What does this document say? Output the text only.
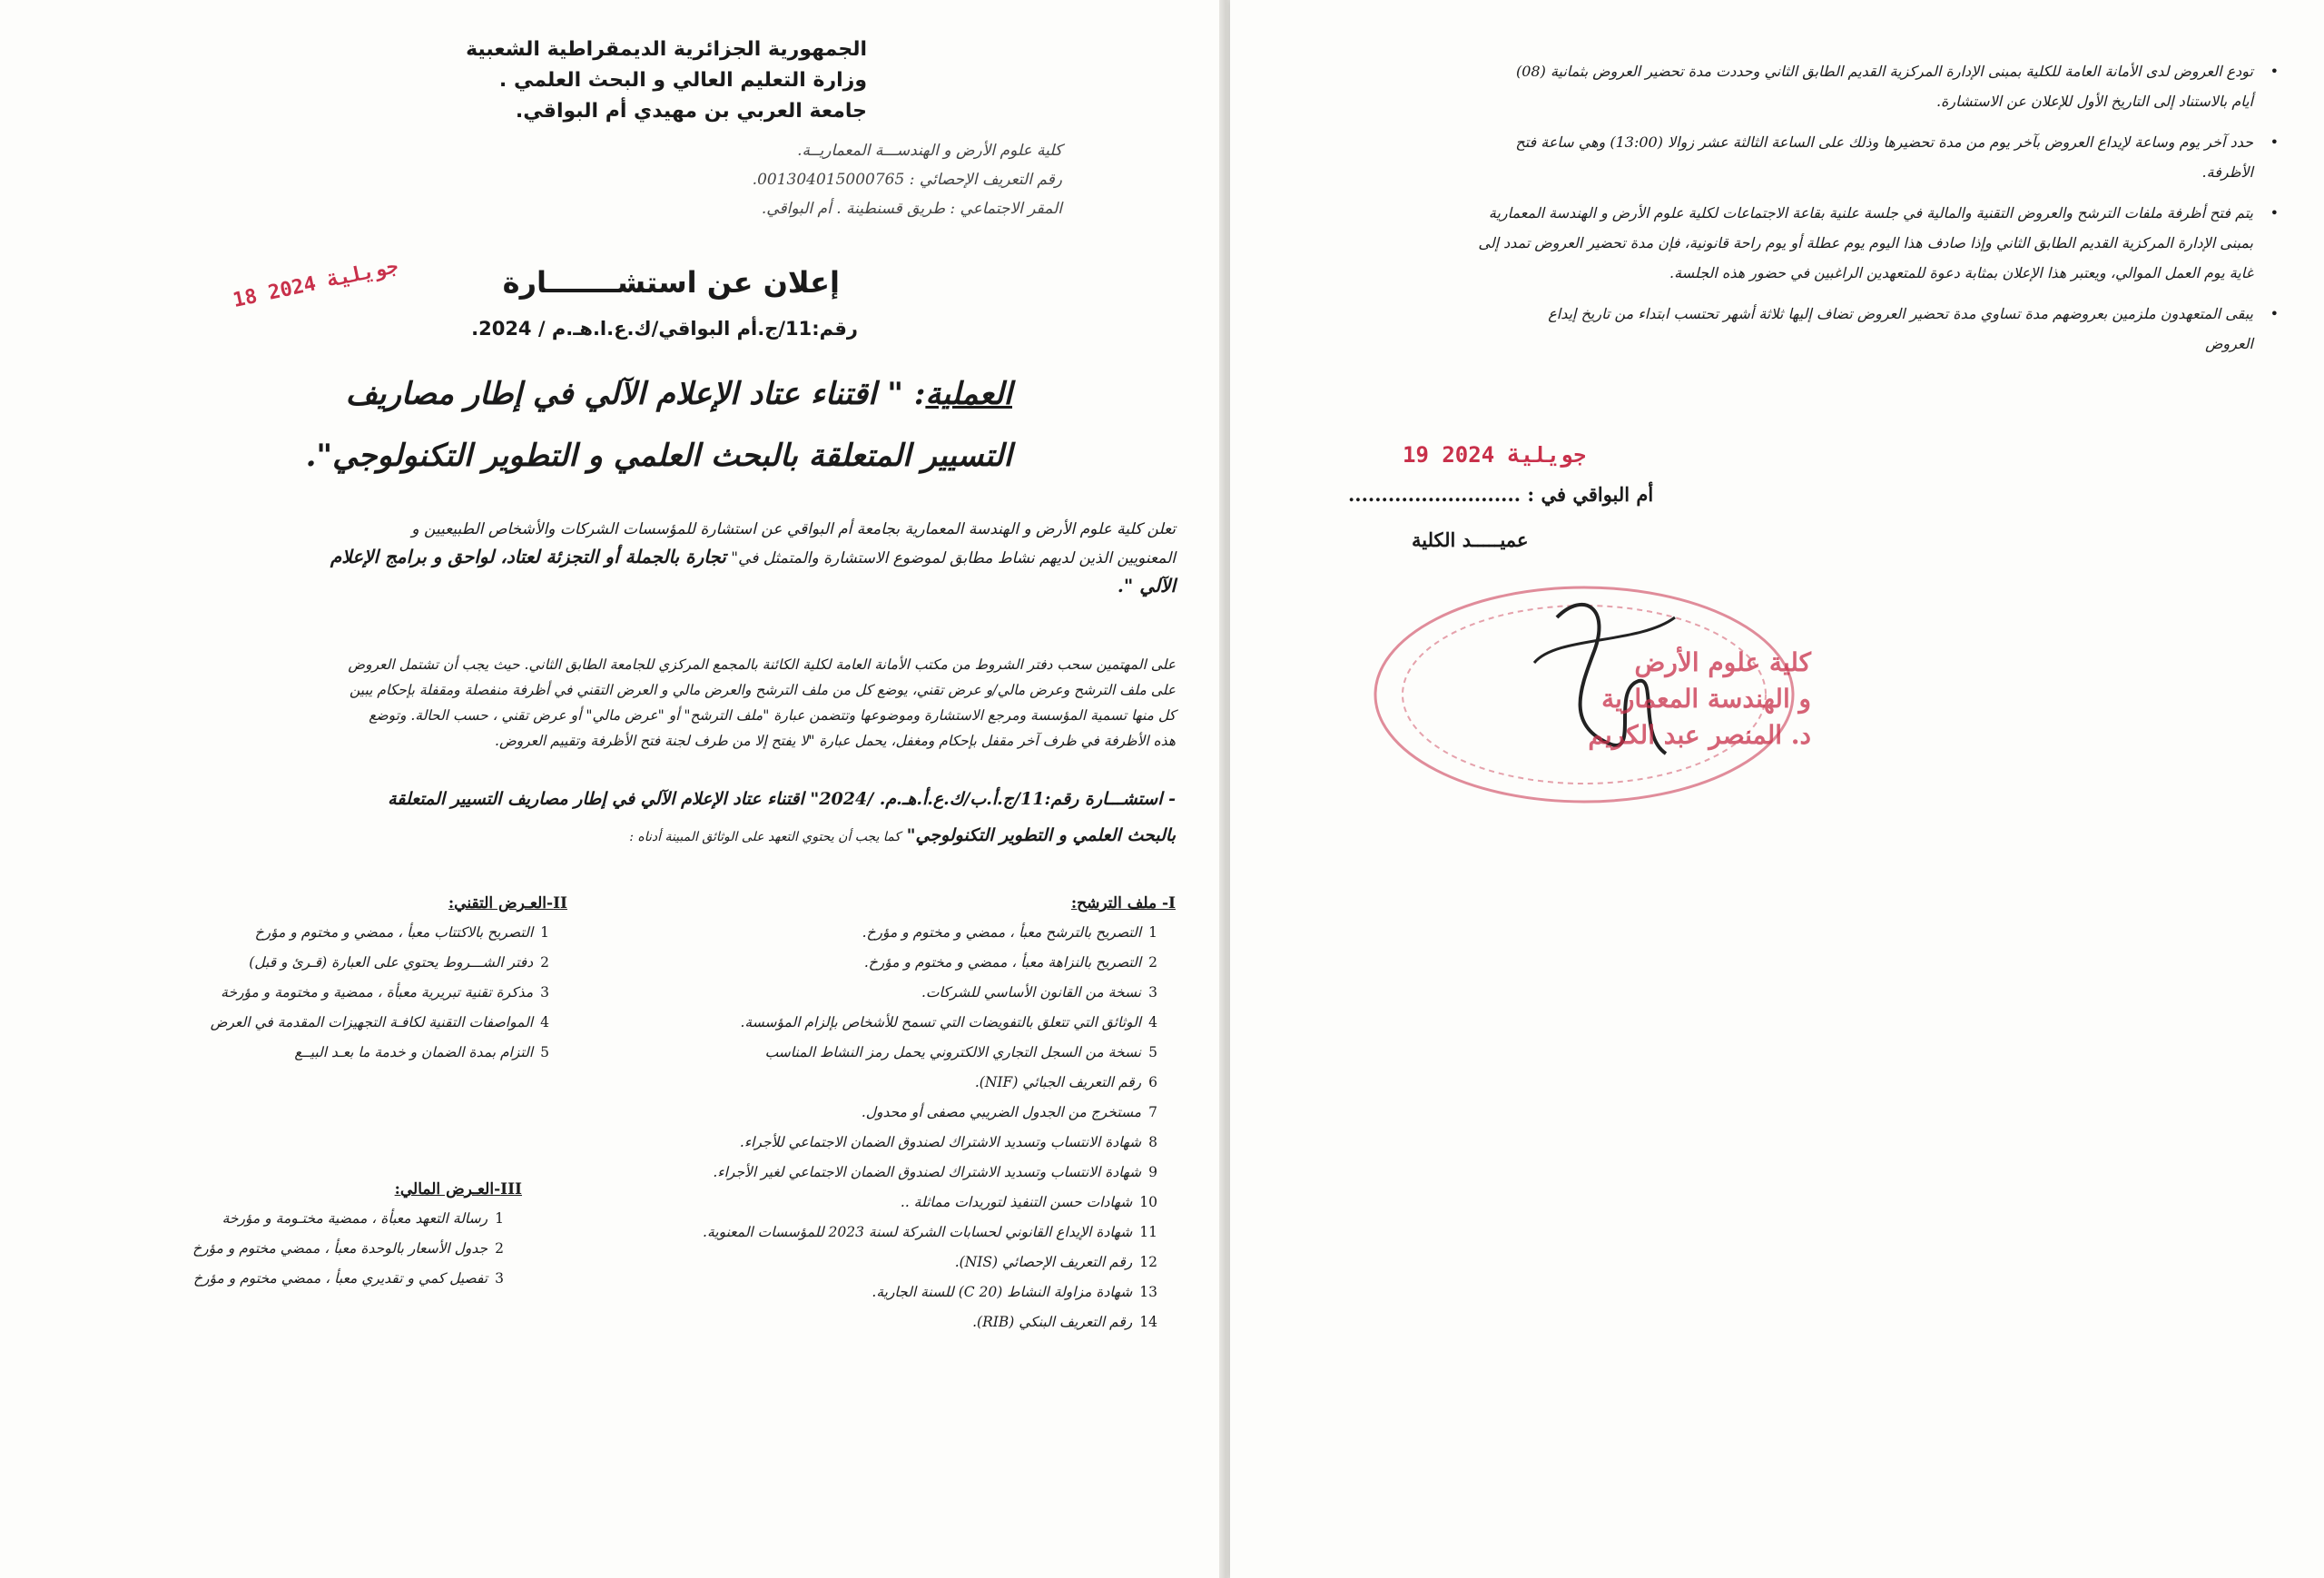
الجمهورية الجزائرية الديمقراطية الشعبية
وزارة التعليم العالي و البحث العلمي .
جامعة العربي بن مهيدي أم البواقي.
كلية علوم الأرض و الهندســـة المعماريــة.
رقم التعريف الإحصائي : 001304015000765.
المقر الاجتماعي : طريق قسنطينة . أم البواقي.
18 جويلية 2024	إعلان عن استشـــــــارة
رقم:11/ج.أم البواقي/ك.ع.ا.هـ.م / 2024.
العملية: " اقتناء عتاد الإعلام الآلي في إطار مصاريف
التسيير المتعلقة بالبحث العلمي و التطوير التكنولوجي".
تعلن كلية علوم الأرض و الهندسة المعمارية بجامعة أم البواقي عن استشارة للمؤسسات الشركات والأشخاص الطبيعيين و
المعنويين الذين لديهم نشاط مطابق لموضوع الاستشارة والمتمثل في" تجارة بالجملة أو التجزئة لعتاد، لواحق و برامج الإعلام
الآلي ".
على المهتمين سحب دفتر الشروط من مكتب الأمانة العامة لكلية الكائنة بالمجمع المركزي للجامعة الطابق الثاني. حيث يجب أن تشتمل العروض
على ملف الترشح وعرض مالي/و عرض تقني، يوضع كل من ملف الترشح والعرض مالي و العرض التقني في أظرفة منفصلة ومقفلة بإحكام يبين
كل منها تسمية المؤسسة ومرجع الاستشارة وموضوعها وتتضمن عبارة "ملف الترشح" أو "عرض مالي" أو عرض تقني ، حسب الحالة. وتوضع
هذه الأظرفة في ظرف آخر مقفل بإحكام ومغفل، يحمل عبارة "لا يفتح إلا من طرف لجنة فتح الأظرفة وتقييم العروض.
- استشـــارة رقم:11/ج.أ.ب/ك.ع.أ.هـ.م. /2024" اقتناء عتاد الإعلام الآلي في إطار مصاريف التسيير المتعلقة
بالبحث العلمي و التطوير التكنولوجي" كما يجب أن يحتوي التعهد على الوثائق المبينة أدناه :
I- ملف الترشح:
1التصريح بالترشح معبأ ، ممضي و مختوم و مؤرخ.
2التصريح بالنزاهة معبأ ، ممضي و مختوم و مؤرخ.
3نسخة من القانون الأساسي للشركات.
4الوثائق التي تتعلق بالتفويضات التي تسمح للأشخاص بإلزام المؤسسة.
5نسخة من السجل التجاري الالكتروني يحمل رمز النشاط المناسب
6رقم التعريف الجبائي (NIF).
7مستخرج من الجدول الضريبي مصفى أو محدول.
8شهادة الانتساب وتسديد الاشتراك لصندوق الضمان الاجتماعي للأجراء.
9شهادة الانتساب وتسديد الاشتراك لصندوق الضمان الاجتماعي لغير الأجراء.
10شهادات حسن التنفيذ لتوريدات مماثلة ..
11شهادة الإيداع القانوني لحسابات الشركة لسنة 2023 للمؤسسات المعنوية.
12رقم التعريف الإحصائي (NIS).
13شهادة مزاولة النشاط (C 20) للسنة الجارية.
14رقم التعريف البنكي (RIB).
II-العـرض التقني:
1التصريح بالاكتتاب معبأ ، ممضي و مختوم و مؤرخ
2دفتر الشـــروط يحتوي على العبارة (قـرئ و قبل)
3مذكرة تقنية تبريرية معبأة ، ممضية و مختومة و مؤرخة
4المواصفات التقنية لكافـة التجهيزات المقدمة في العرض
5التزام بمدة الضمان و خدمة ما بعـد البيــع
III-العـرض المالي:
1رسالة التعهد معبأة ، ممضية مختـومة و مؤرخة
2جدول الأسعار بالوحدة معبأ ، ممضي مختوم و مؤرخ
3تفصيل كمي و تقديري معبأ ، ممضي مختوم و مؤرخ
•
تودع العروض لدى الأمانة العامة للكلية بمبنى الإدارة المركزية القديم الطابق الثاني وحددت مدة تحضير العروض بثمانية (08)
أيام بالاستناد إلى التاريخ الأول للإعلان عن الاستشارة.
•
حدد آخر يوم وساعة لإيداع العروض بآخر يوم من مدة تحضيرها وذلك على الساعة الثالثة عشر زوالا (13:00) وهي ساعة فتح
الأظرفة.
•
يتم فتح أظرفة ملفات الترشح والعروض التقنية والمالية في جلسة علنية بقاعة الاجتماعات لكلية علوم الأرض و الهندسة المعمارية
بمبنى الإدارة المركزية القديم الطابق الثاني وإذا صادف هذا اليوم يوم عطلة أو يوم راحة قانونية، فإن مدة تحضير العروض تمدد إلى
غاية يوم العمل الموالي، ويعتبر هذا الإعلان بمثابة دعوة للمتعهدين الراغبين في حضور هذه الجلسة.
•
يبقى المتعهدون ملزمين بعروضهم مدة تساوي مدة تحضير العروض تضاف إليها ثلاثة أشهر تحتسب ابتداء من تاريخ إيداع
العروض
19 جويلية 2024
أم البواقي في : ..........................
عميـــــد الكلية
كلية علوم الأرض
و الهندسة المعمارية
د. المنصر عبد الكريم
